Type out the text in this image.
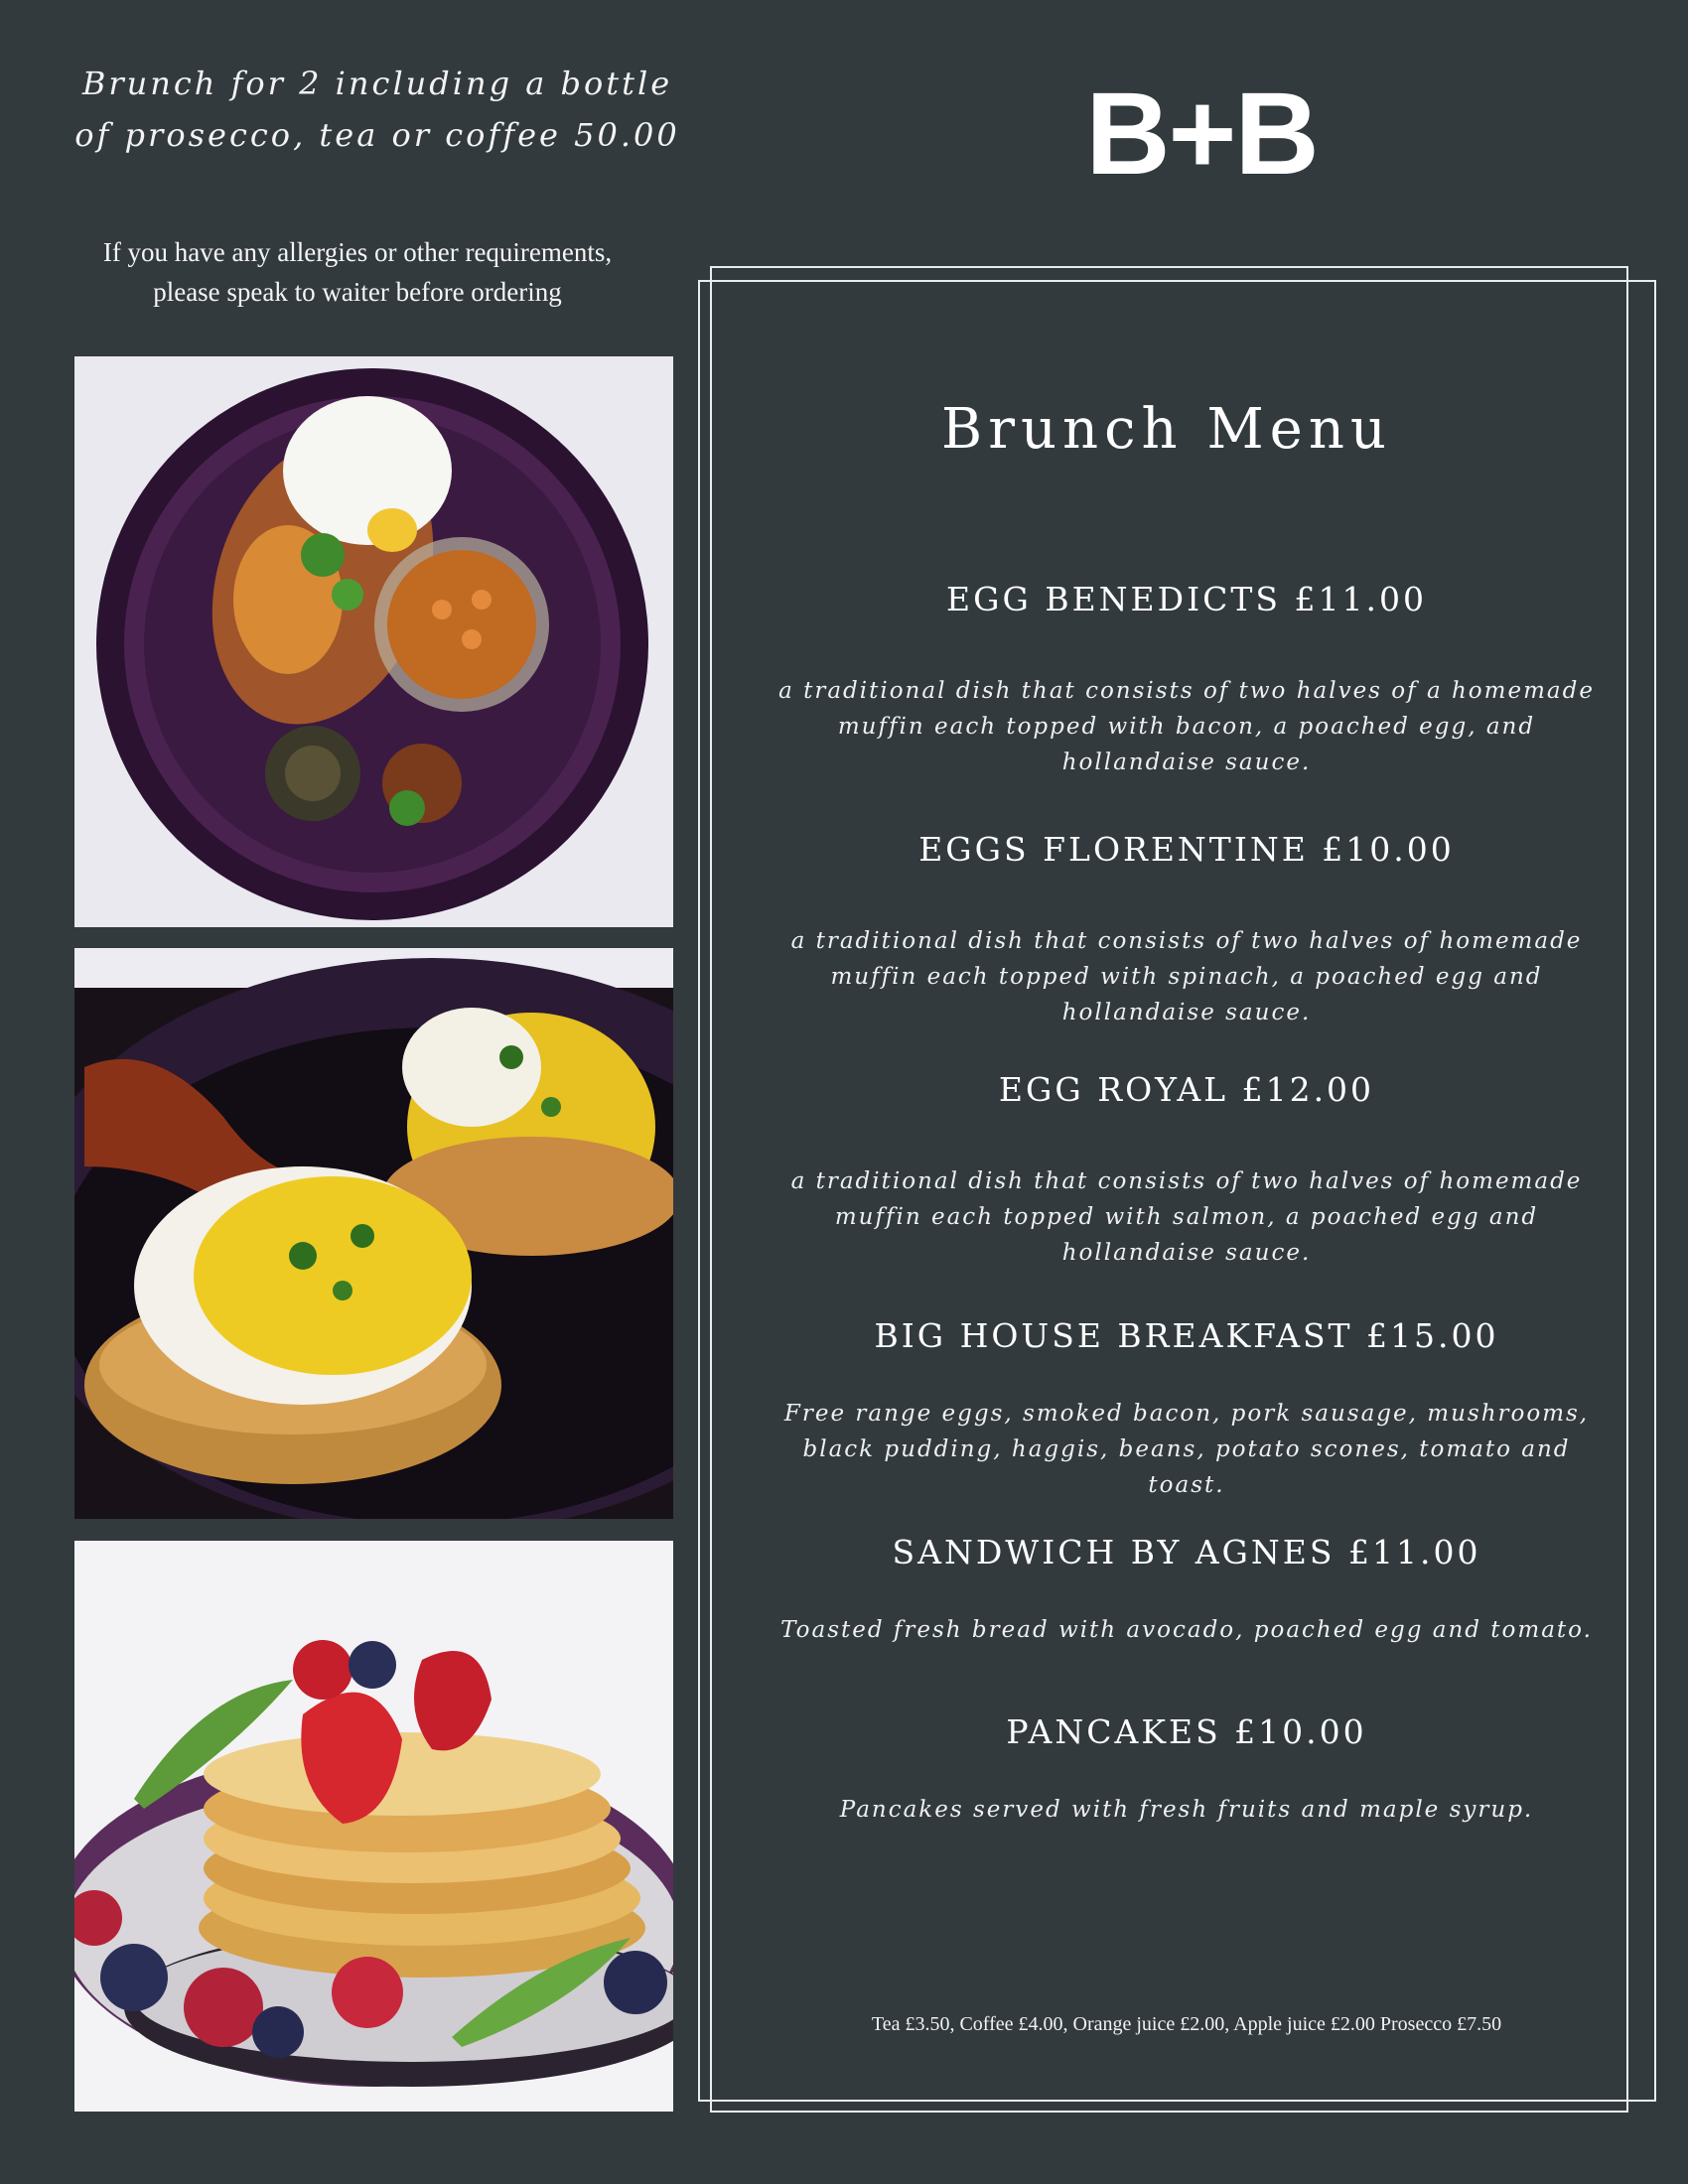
Brunch for 2 including a bottle
of prosecco, tea or coffee 50.00
If you have any allergies or other requirements,
please speak to waiter before ordering
B+B
Brunch Menu
EGG BENEDICTS £11.00
a traditional dish that consists of two halves of a homemade muffin each topped with bacon, a poached egg, and hollandaise sauce.
EGGS FLORENTINE £10.00
a traditional dish that consists of two halves of homemade muffin each topped with spinach, a poached egg and hollandaise sauce.
EGG ROYAL £12.00
a traditional dish that consists of two halves of homemade muffin each topped with salmon, a poached egg and hollandaise sauce.
BIG HOUSE BREAKFAST £15.00
Free range eggs, smoked bacon, pork sausage, mushrooms, black pudding, haggis, beans, potato scones, tomato and toast.
SANDWICH BY AGNES £11.00
Toasted fresh bread with avocado, poached egg and tomato.
PANCAKES £10.00
Pancakes served with fresh fruits and maple syrup.
Tea £3.50, Coffee £4.00, Orange juice £2.00, Apple juice £2.00 Prosecco £7.50
